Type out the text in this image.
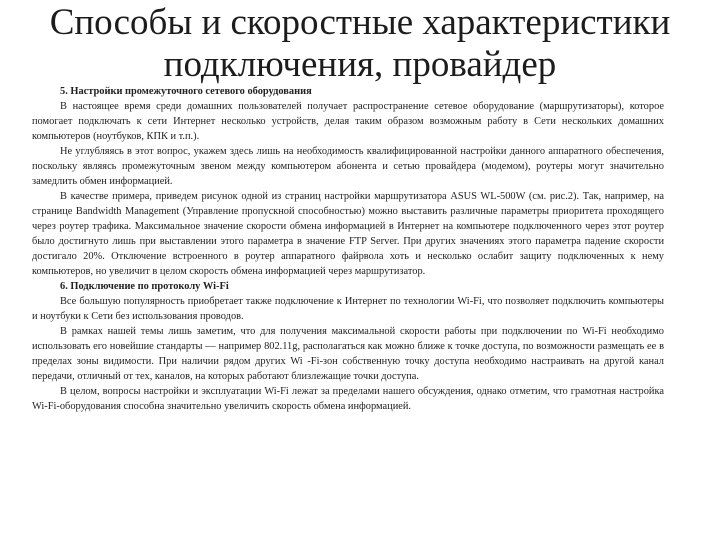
Способы и скоростные характеристики
подключения, провайдер

5. Настройки промежуточного сетевого оборудования

В настоящее время среди домашних пользователей получает распространение сетевое оборудование (маршрутизаторы), которое помогает подключать к сети Интернет несколько устройств, делая таким образом возможным работу в Сети нескольких домашних компьютеров (ноутбуков, КПК и т.п.).

Не углубляясь в этот вопрос, укажем здесь лишь на необходимость квалифицированной настройки данного аппаратного обеспечения, поскольку являясь промежуточным звеном между компьютером абонента и сетью провайдера (модемом), роутеры могут значительно замедлить обмен информацией.

В качестве примера, приведем рисунок одной из страниц настройки маршрутизатора ASUS WL-500W (см. рис.2). Так, например, на странице Bandwidth Management (Управление пропускной способностью) можно выставить различные параметры приоритета проходящего через роутер трафика. Максимальное значение скорости обмена информацией в Интернет на компьютере подключенного через этот роутер было достигнуто лишь при выставлении этого параметра в значение FTP Server. При других значениях этого параметра падение скорости достигало 20%. Отключение встроенного в роутер аппаратного файрвола хоть и несколько ослабит защиту подключенных к нему компьютеров, но увеличит в целом скорость обмена информацией через маршрутизатор.

6. Подключение по протоколу Wi-Fi

Все большую популярность приобретает также подключение к Интернет по технологии Wi-Fi, что позволяет подключить компьютеры и ноутбуки к Сети без использования проводов.

В рамках нашей темы лишь заметим, что для получения максимальной скорости работы при подключении по Wi-Fi необходимо использовать его новейшие стандарты — например 802.11g, располагаться как можно ближе к точке доступа, по возможности размещать ее в пределах зоны видимости. При наличии рядом других Wi -Fi-зон собственную точку доступа необходимо настраивать на другой канал передачи, отличный от тех, каналов, на которых работают близлежащие точки доступа.

В целом, вопросы настройки и эксплуатации Wi-Fi лежат за пределами нашего обсуждения, однако отметим, что грамотная настройка Wi-Fi-оборудования способна значительно увеличить скорость обмена информацией.
